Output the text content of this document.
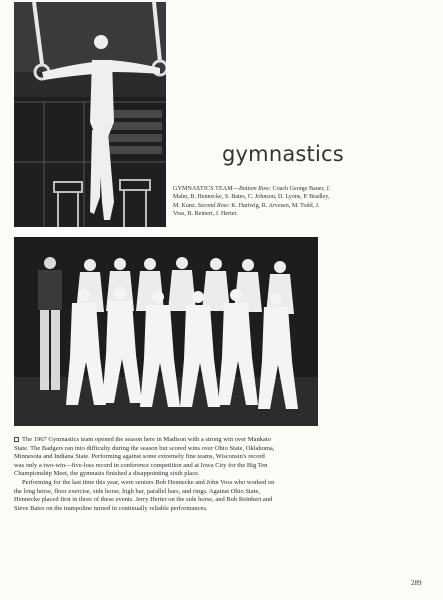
gymnastics

GYMNASTICS TEAM—Bottom Row: Coach George Bauer, J. Mahn, B. Hennecke, S. Bates, C. Johnson, D. Lyons, P. Bradley, M. Kunz. Second Row: K. Hartwig, R. Arvesen, M. Todd, J. Voss, B. Reinert, J. Herter.

The 1967 Gymnastics team opened the season here in Madison with a strong win over Mankato State. The Badgers ran into difficulty during the season but scored wins over Ohio State, Oklahoma, Minnesota and Indiana State. Performing against some extremely fine teams, Wisconsin's record was only a two-win—five-loss record in conference competition and at Iowa City for the Big Ten Championship Meet, the gymnasts finished a disappointing sixth place.

Performing for the last time this year, were seniors Bob Hennecke and John Voss who worked on the long horse, floor exercise, side horse, high bar, parallel bars, and rings. Against Ohio State, Hennecke placed first in three of these events. Jerry Herter on the side horse, and Bob Reinhert and Steve Bates on the trampoline turned in continually reliable performances.

289
